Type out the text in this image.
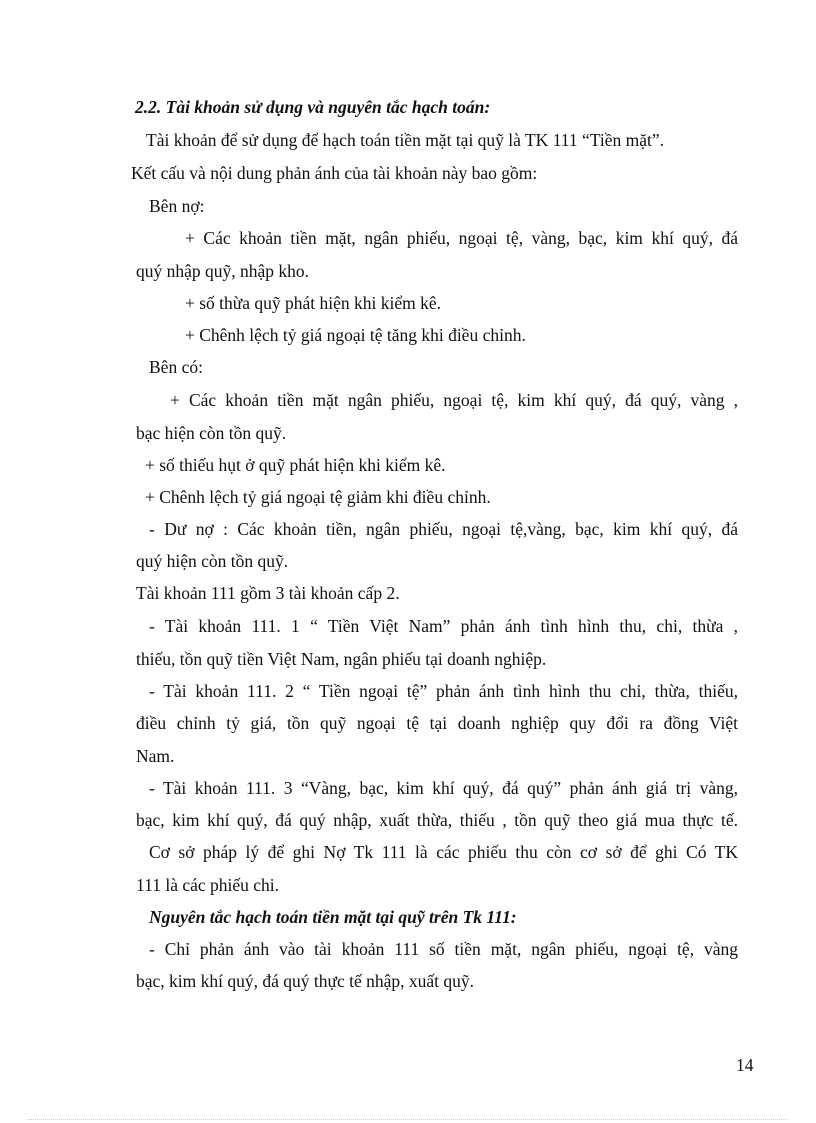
2.2. Tài khoản sử dụng và nguyên tắc hạch toán:
Tài khoản để sử dụng để hạch toán tiền mặt tại quỹ là TK 111 “Tiền mặt”.
Kết cấu và nội dung phản ánh của tài khoản này bao gồm:
Bên nợ:
+ Các khoản tiền mặt, ngân phiếu, ngoại tệ, vàng, bạc, kim khí quý, đá
quý nhập quỹ, nhập kho.
+ số thừa quỹ phát hiện khi kiểm kê.
+ Chênh lệch tỷ giá ngoại tệ tăng khi điều chỉnh.
Bên có:
+ Các khoản tiền mặt ngân phiếu, ngoại tệ, kim khí quý, đá quý, vàng ,
bạc hiện còn tồn quỹ.
+ số thiếu hụt ở quỹ phát hiện khi kiểm kê.
+ Chênh lệch tỷ giá ngoại tệ giảm khi điều chỉnh.
- Dư nợ : Các khoản tiền, ngân phiếu, ngoại tệ,vàng, bạc, kim khí quý, đá
quý hiện còn tồn quỹ.
Tài khoản 111 gồm 3 tài khoản cấp 2.
- Tài khoản 111. 1 “ Tiền Việt Nam” phản ánh tình hình thu, chi, thừa ,
thiếu, tồn quỹ tiền Việt Nam, ngân phiếu tại doanh nghiệp.
- Tài khoản 111. 2 “ Tiền ngoại tệ” phản ánh tình hình thu chi, thừa, thiếu,
điều chỉnh tỷ giá, tồn quỹ ngoại tệ tại doanh nghiệp quy đổi ra đồng Việt
Nam.
- Tài khoản 111. 3 “Vàng, bạc, kim khí quý, đá quý” phản ánh giá trị vàng,
bạc, kim khí quý, đá quý nhập, xuất thừa, thiếu , tồn quỹ theo giá mua thực tế.
Cơ sở pháp lý để ghi Nợ Tk 111 là các phiếu thu còn cơ sở để ghi Có TK
111 là các phiếu chi.
Nguyên tắc hạch toán tiền mặt tại quỹ trên Tk 111:
- Chỉ phản ánh vào tài khoản 111 số tiền mặt, ngân phiếu, ngoại tệ, vàng
bạc, kim khí quý, đá quý thực tế nhập, xuất quỹ.
14
